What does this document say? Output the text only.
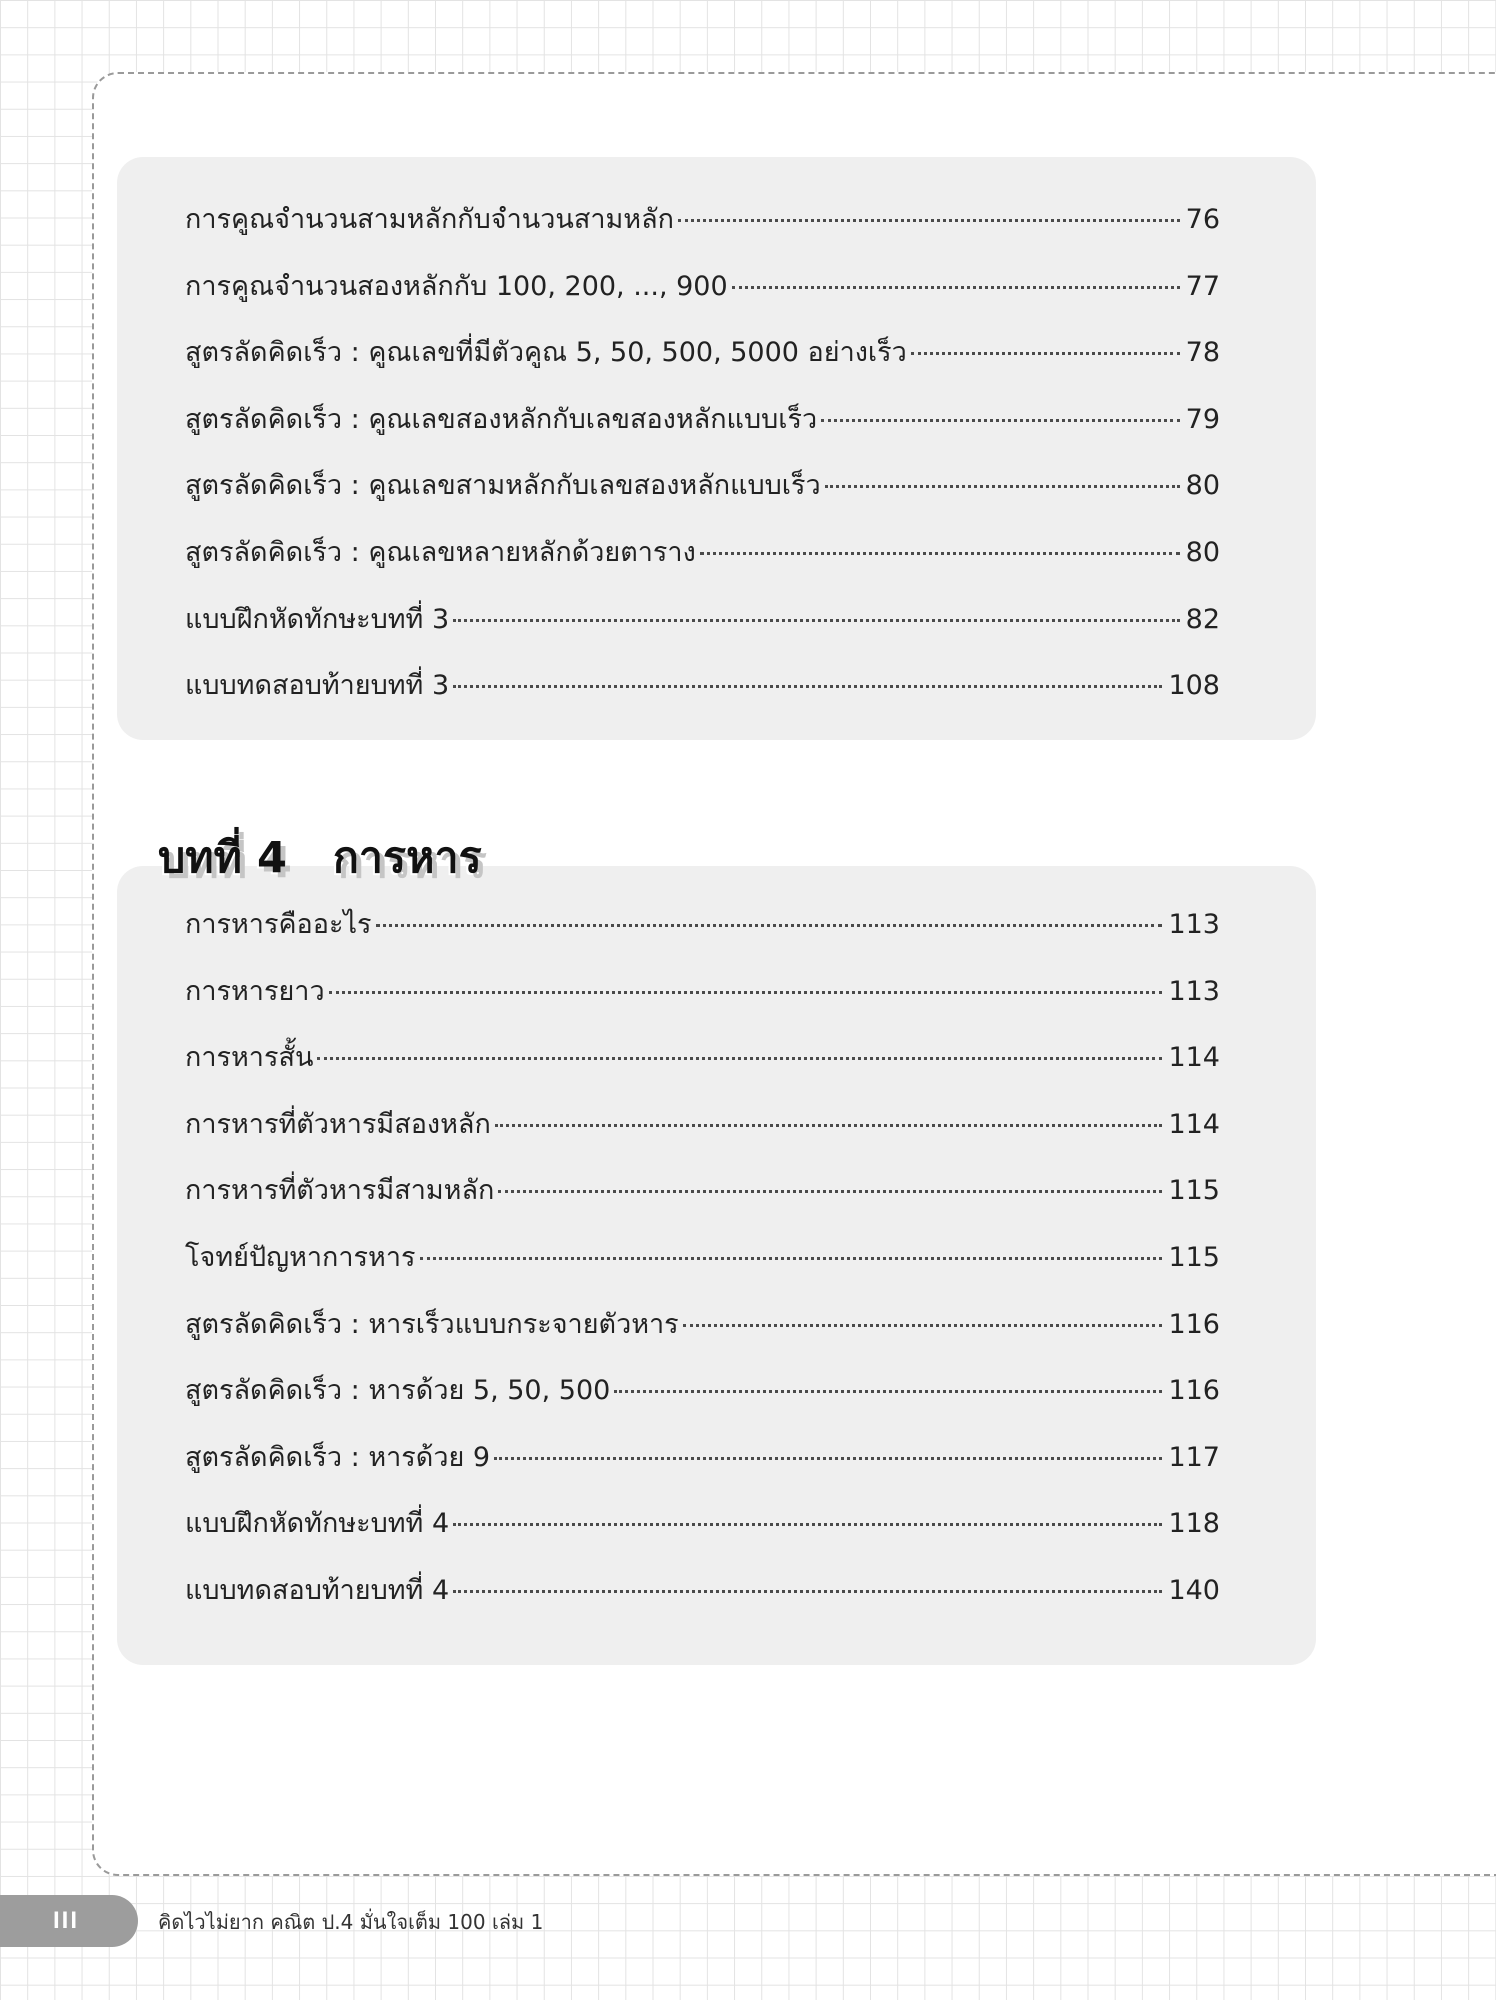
การคูณจำนวนสามหลักกับจำนวนสามหลัก	76
การคูณจำนวนสองหลักกับ 100, 200, ..., 900	77
สูตรลัดคิดเร็ว : คูณเลขที่มีตัวคูณ 5, 50, 500, 5000 อย่างเร็ว	78
สูตรลัดคิดเร็ว : คูณเลขสองหลักกับเลขสองหลักแบบเร็ว	79
สูตรลัดคิดเร็ว : คูณเลขสามหลักกับเลขสองหลักแบบเร็ว	80
สูตรลัดคิดเร็ว : คูณเลขหลายหลักด้วยตาราง	80
แบบฝึกหัดทักษะบทที่ 3	82
แบบทดสอบท้ายบทที่ 3	108
การหารคืออะไร	113
การหารยาว	113
การหารสั้น	114
การหารที่ตัวหารมีสองหลัก	114
การหารที่ตัวหารมีสามหลัก	115
โจทย์ปัญหาการหาร	115
สูตรลัดคิดเร็ว : หารเร็วแบบกระจายตัวหาร	116
สูตรลัดคิดเร็ว : หารด้วย 5, 50, 500	116
สูตรลัดคิดเร็ว : หารด้วย 9	117
แบบฝึกหัดทักษะบทที่ 4	118
แบบทดสอบท้ายบทที่ 4	140
บทที่ 4 การหาร
III	คิดไวไม่ยาก คณิต ป.4 มั่นใจเต็ม 100 เล่ม 1
